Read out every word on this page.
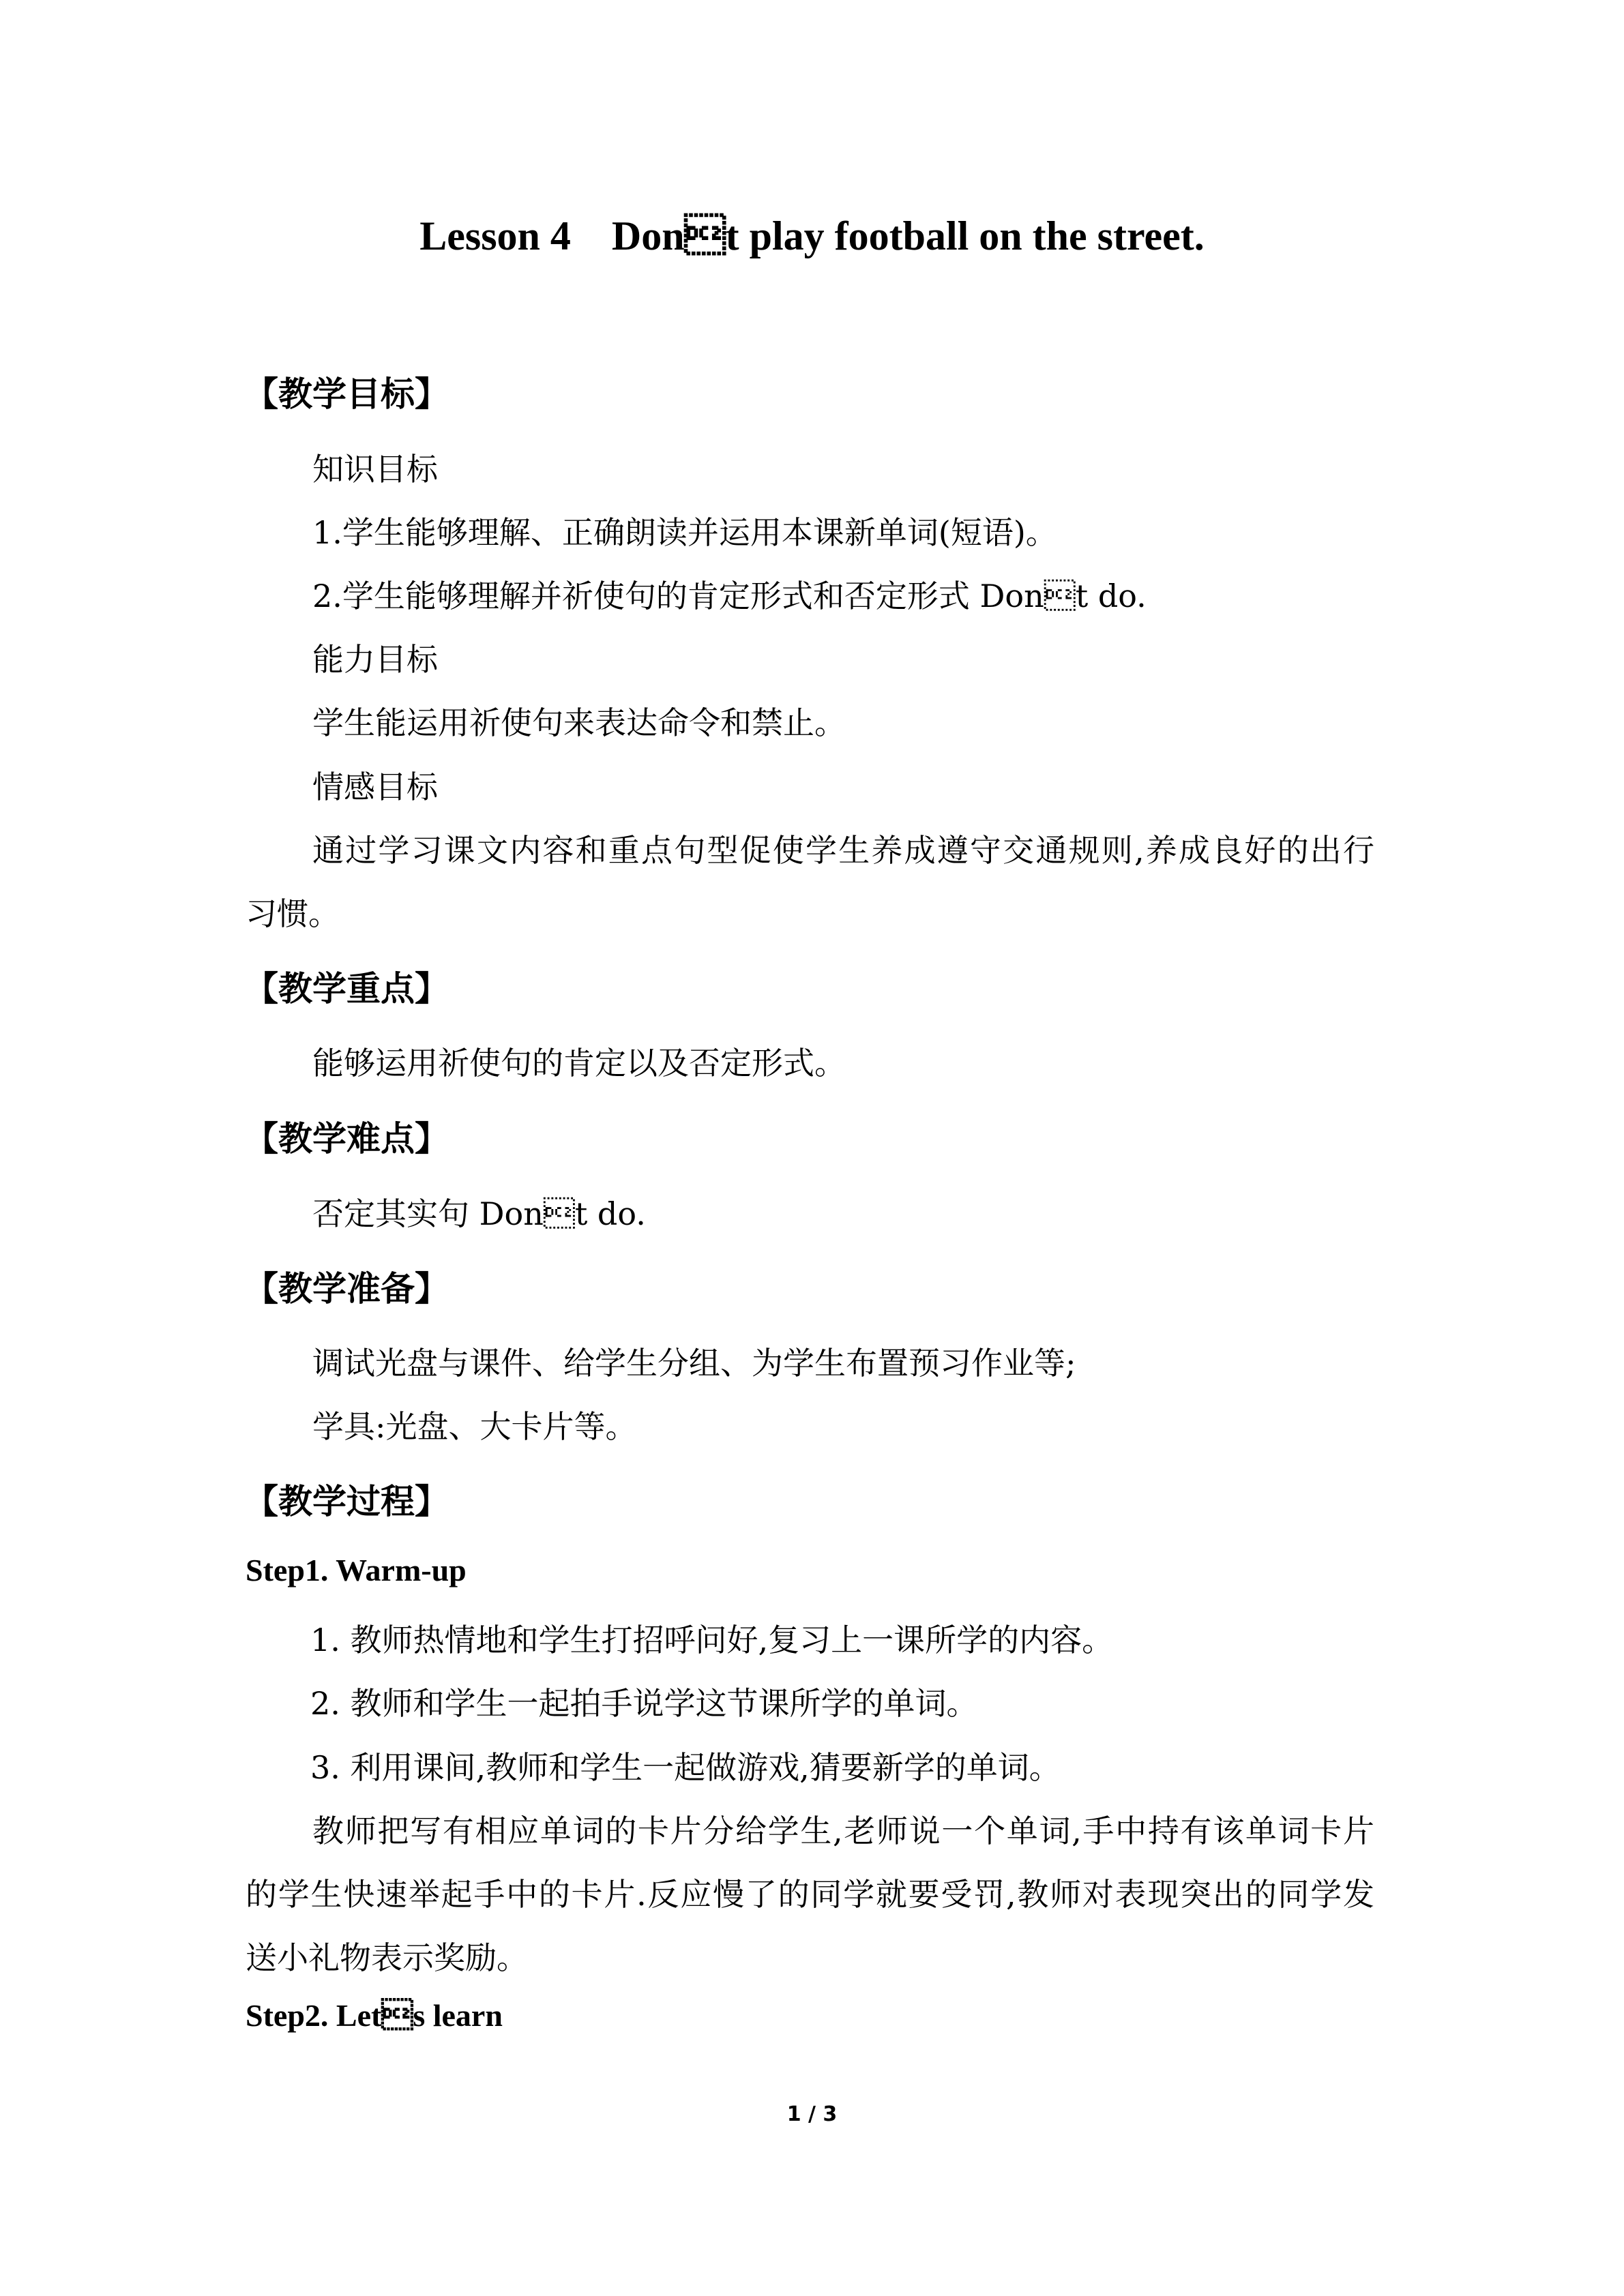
Lesson 4    Dont play football on the street.
【教学目标】
知识目标
1.学生能够理解、正确朗读并运用本课新单词(短语)。
2.学生能够理解并祈使句的肯定形式和否定形式 Dont do.
能力目标
学生能运用祈使句来表达命令和禁止。
情感目标
通过学习课文内容和重点句型促使学生养成遵守交通规则,养成良好的出行
习惯。
【教学重点】
能够运用祈使句的肯定以及否定形式。
【教学难点】
否定其实句 Dont do.
【教学准备】
调试光盘与课件、给学生分组、为学生布置预习作业等;
学具:光盘、大卡片等。
【教学过程】
Step1. Warm-up
1. 教师热情地和学生打招呼问好,复习上一课所学的内容。
2. 教师和学生一起拍手说学这节课所学的单词。
3. 利用课间,教师和学生一起做游戏,猜要新学的单词。
教师把写有相应单词的卡片分给学生,老师说一个单词,手中持有该单词卡片
的学生快速举起手中的卡片.反应慢了的同学就要受罚,教师对表现突出的同学发
送小礼物表示奖励。
Step2. Lets learn
1 / 3
